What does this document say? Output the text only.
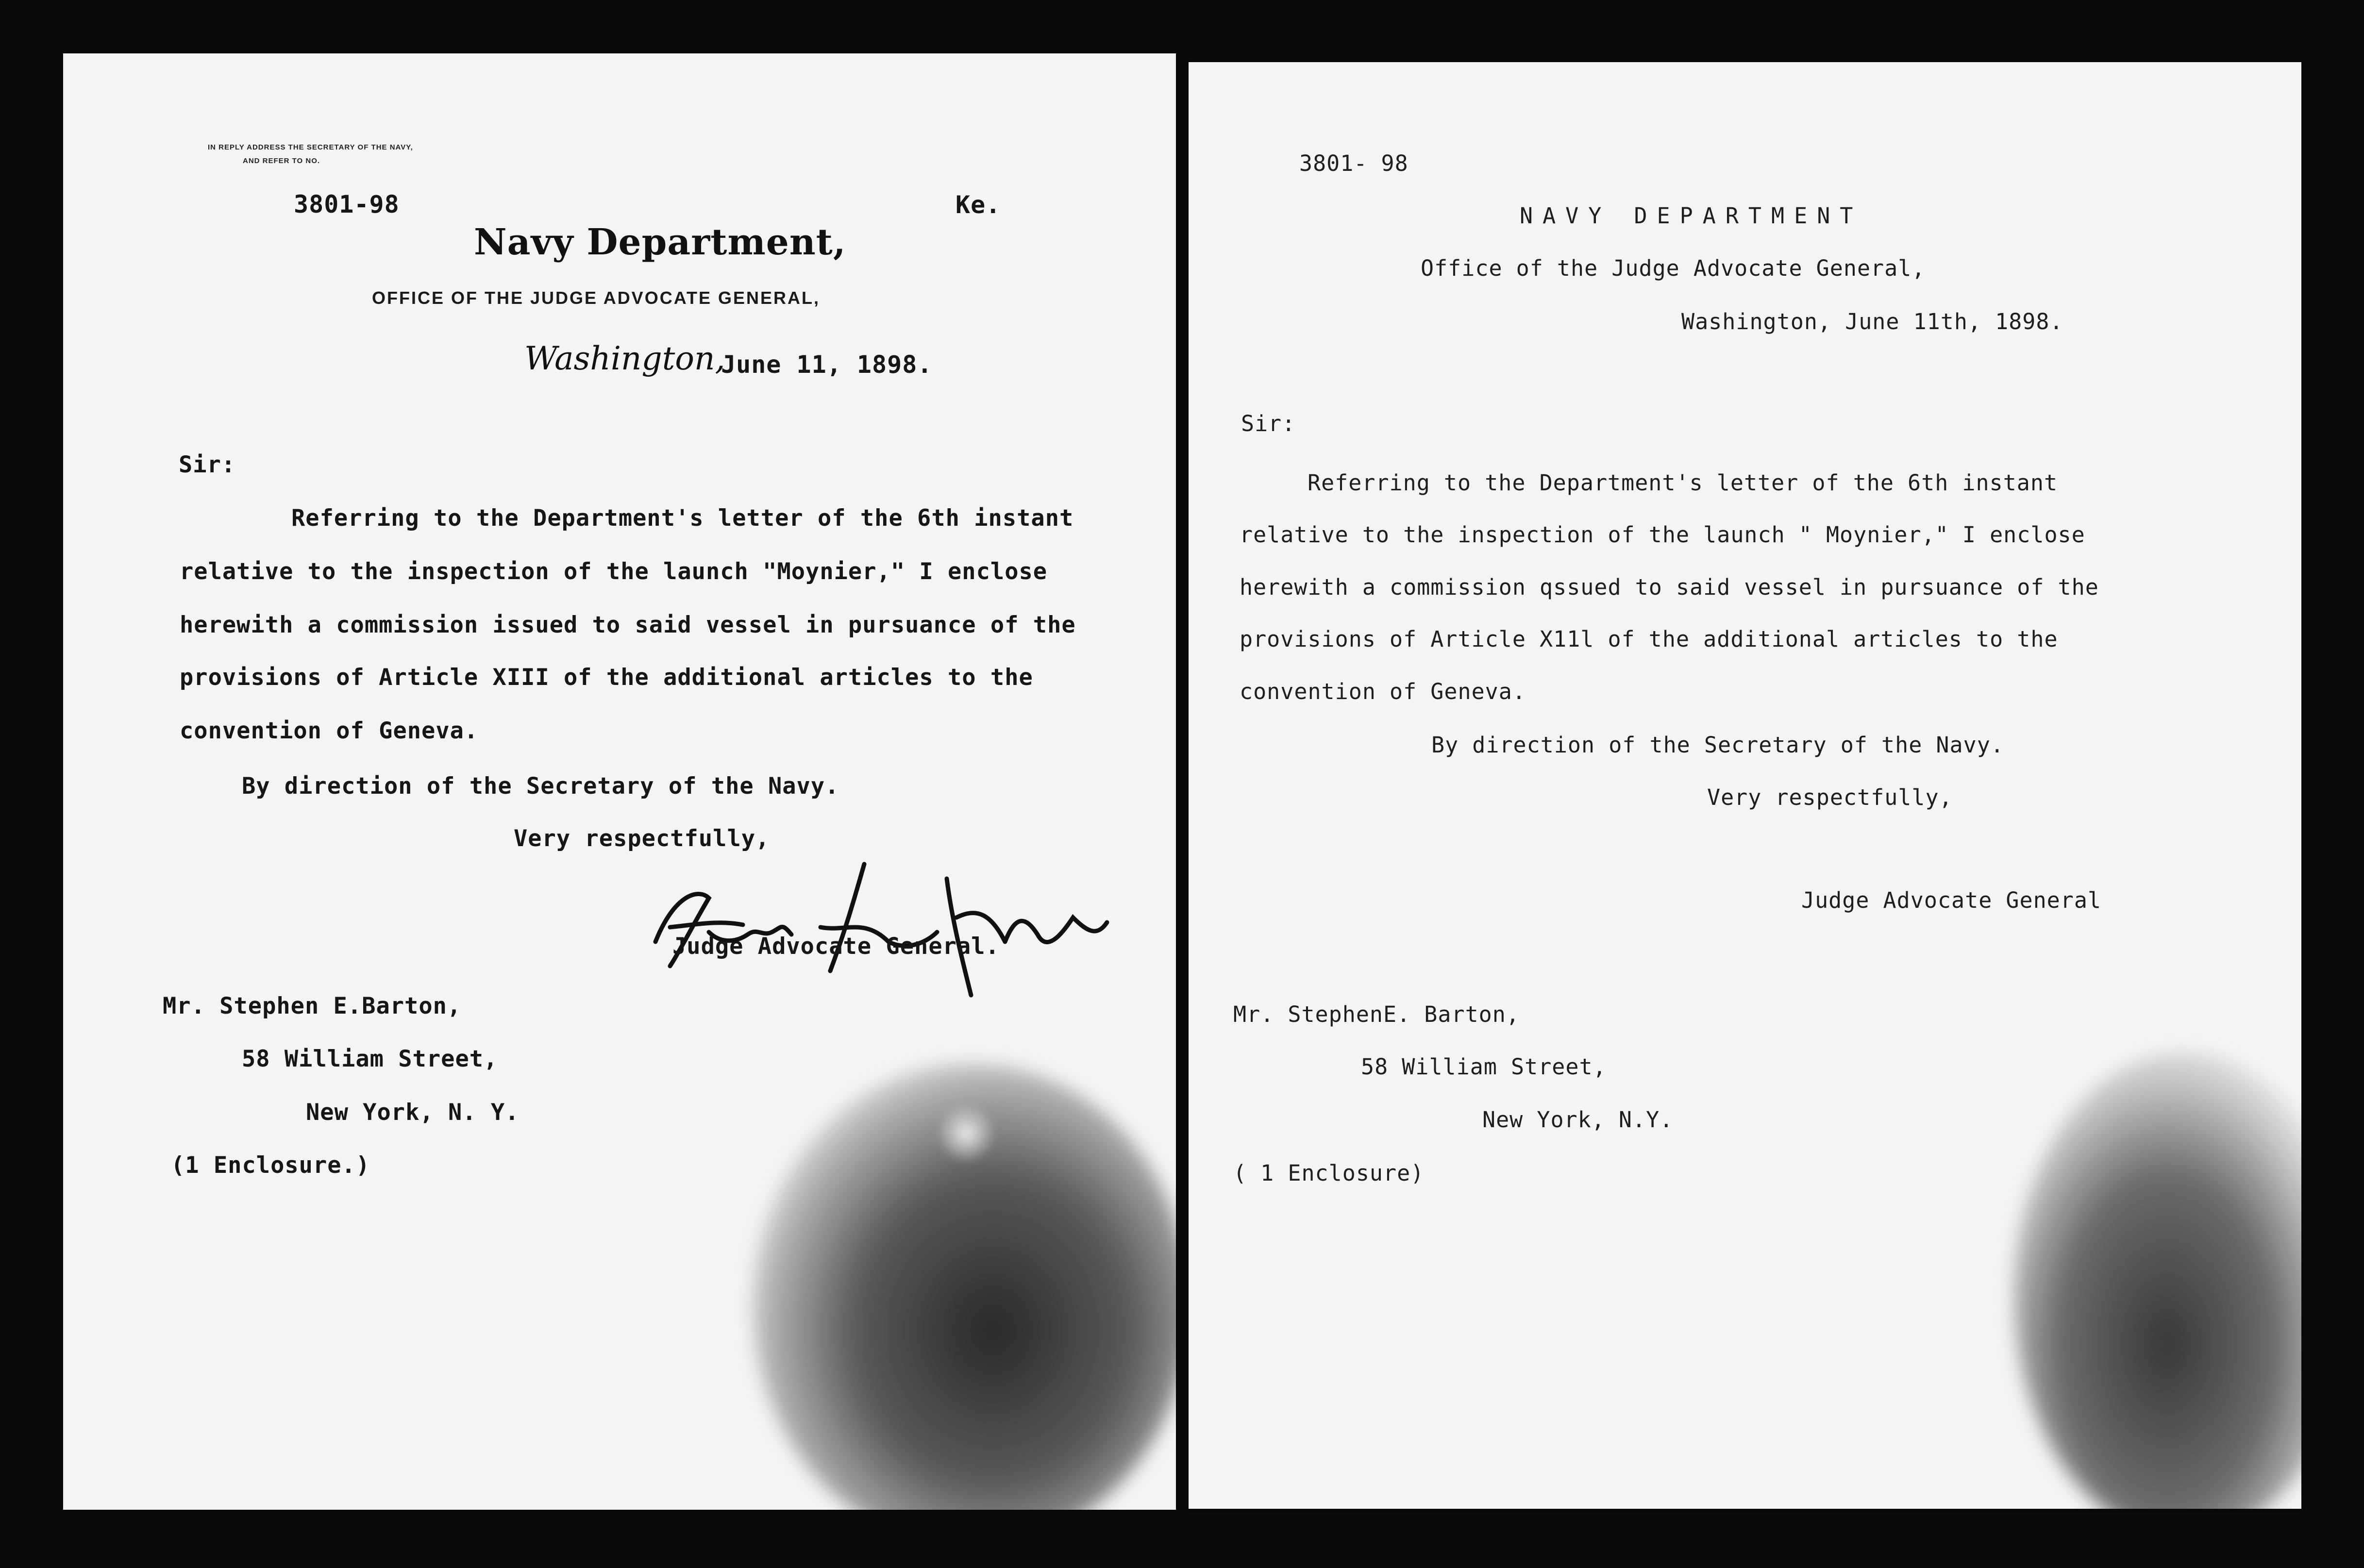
IN REPLY ADDRESS THE SECRETARY OF THE NAVY,
AND REFER TO NO.
3801-98	Ke.
Navy Department,
OFFICE OF THE JUDGE ADVOCATE GENERAL,
Washington,
June 11, 1898.
Sir:
Referring to the Department's letter of the 6th instant
relative to the inspection of the launch "Moynier," I enclose
herewith a commission issued to said vessel in pursuance of the
provisions of Article XIII of the additional articles to the
convention of Geneva.
By direction of the Secretary of the Navy.
Very respectfully,
Judge Advocate General.
Mr. Stephen E.Barton,
58 William Street,
New York, N. Y.
(1 Enclosure.)
3801- 98
NAVY DEPARTMENT
Office of the Judge Advocate General,
Washington, June 11th, 1898.
Sir:
Referring to the Department's letter of the 6th instant
relative to the inspection of the launch " Moynier," I enclose
herewith a commission qssued to said vessel in pursuance of the
provisions of Article X11l of the additional articles to the
convention of Geneva.
By direction of the Secretary of the Navy.
Very respectfully,
Judge Advocate General
Mr. StephenE. Barton,
58 William Street,
New York, N.Y.
( 1 Enclosure)
